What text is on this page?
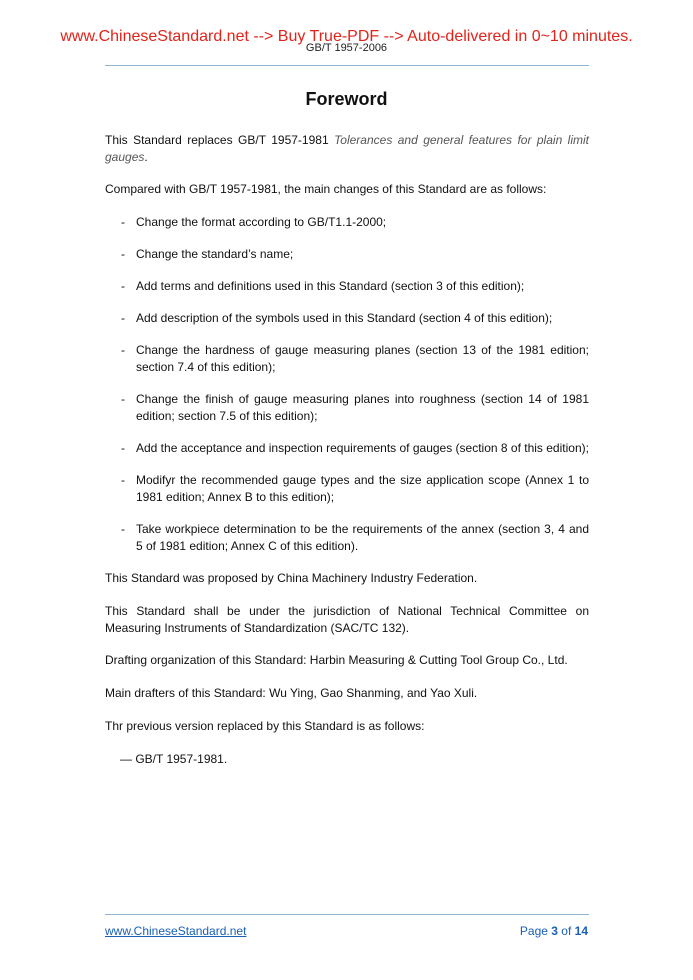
www.ChineseStandard.net --> Buy True-PDF --> Auto-delivered in 0~10 minutes.
GB/T 1957-2006
Foreword

This Standard replaces GB/T 1957-1981 Tolerances and general features for plain limit gauges.

Compared with GB/T 1957-1981, the main changes of this Standard are as follows:

- Change the format according to GB/T1.1-2000;
- Change the standard’s name;
- Add terms and definitions used in this Standard (section 3 of this edition);
- Add description of the symbols used in this Standard (section 4 of this edition);
- Change the hardness of gauge measuring planes (section 13 of the 1981 edition; section 7.4 of this edition);
- Change the finish of gauge measuring planes into roughness (section 14 of 1981 edition; section 7.5 of this edition);
- Add the acceptance and inspection requirements of gauges (section 8 of this edition);
- Modifyr the recommended gauge types and the size application scope (Annex 1 to 1981 edition; Annex B to this edition);
- Take workpiece determination to be the requirements of the annex (section 3, 4 and 5 of 1981 edition; Annex C of this edition).

This Standard was proposed by China Machinery Industry Federation.

This Standard shall be under the jurisdiction of National Technical Committee on Measuring Instruments of Standardization (SAC/TC 132).

Drafting organization of this Standard: Harbin Measuring & Cutting Tool Group Co., Ltd.

Main drafters of this Standard: Wu Ying, Gao Shanming, and Yao Xuli.

Thr previous version replaced by this Standard is as follows:

— GB/T 1957-1981.

www.ChineseStandard.net	Page 3 of 14
